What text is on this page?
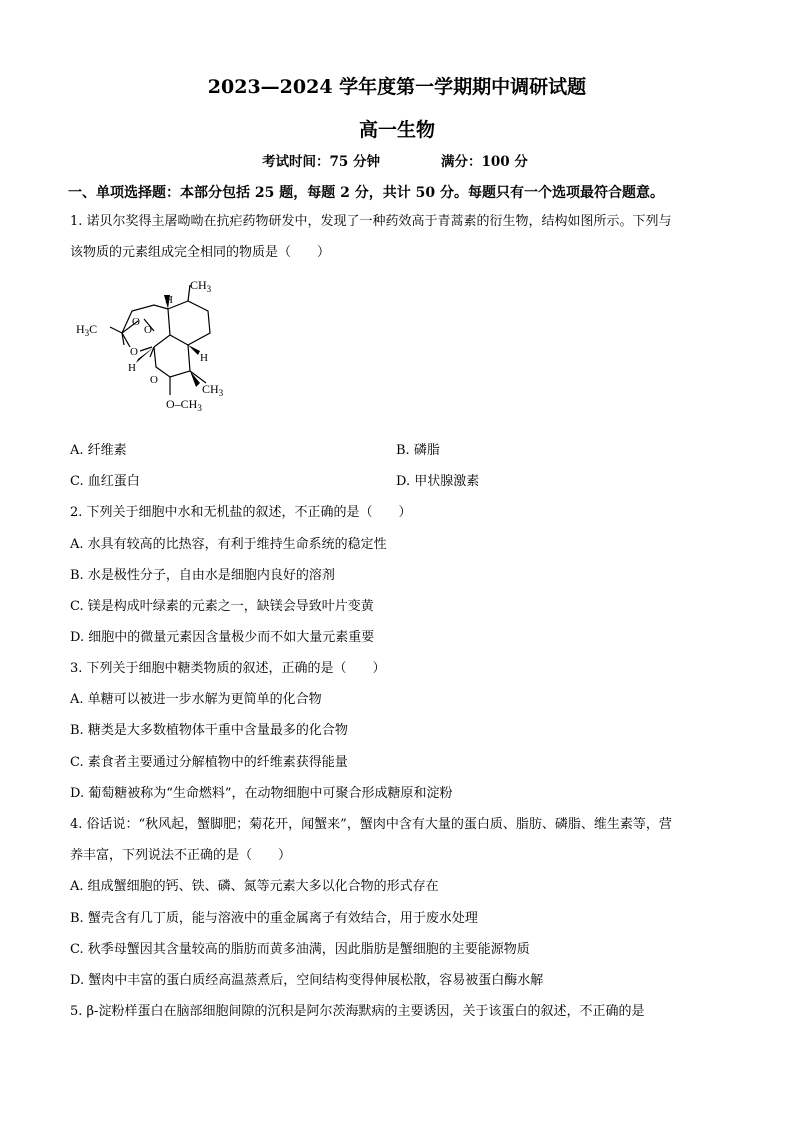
2023—2024 学年度第一学期期中调研试题
高一生物
考试时间：75 分钟	满分：100 分
一、单项选择题：本部分包括 25 题，每题 2 分，共计 50 分。每题只有一个选项最符合题意。
1. 诺贝尔奖得主屠呦呦在抗疟药物研发中，发现了一种药效高于青蒿素的衍生物，结构如图所示。下列与
该物质的元素组成完全相同的物质是（　　）
$CH_3$
$H_3C$	O
O
O
O
H
H
H
$CH_3$
$O-CH_3$
A. 纤维素	B. 磷脂
C. 血红蛋白	D. 甲状腺激素
2. 下列关于细胞中水和无机盐的叙述，不正确的是（　　）
A. 水具有较高的比热容，有利于维持生命系统的稳定性
B. 水是极性分子，自由水是细胞内良好的溶剂
C. 镁是构成叶绿素的元素之一，缺镁会导致叶片变黄
D. 细胞中的微量元素因含量极少而不如大量元素重要
3. 下列关于细胞中糖类物质的叙述，正确的是（　　）
A. 单糖可以被进一步水解为更简单的化合物
B. 糖类是大多数植物体干重中含量最多的化合物
C. 素食者主要通过分解植物中的纤维素获得能量
D. 葡萄糖被称为“生命燃料”，在动物细胞中可聚合形成糖原和淀粉
4. 俗话说：“秋风起，蟹脚肥；菊花开，闻蟹来”，蟹肉中含有大量的蛋白质、脂肪、磷脂、维生素等，营
养丰富，下列说法不正确的是（　　）
A. 组成蟹细胞的钙、铁、磷、氮等元素大多以化合物的形式存在
B. 蟹壳含有几丁质，能与溶液中的重金属离子有效结合，用于废水处理
C. 秋季母蟹因其含量较高的脂肪而黄多油满，因此脂肪是蟹细胞的主要能源物质
D. 蟹肉中丰富的蛋白质经高温蒸煮后，空间结构变得伸展松散，容易被蛋白酶水解
5. β-淀粉样蛋白在脑部细胞间隙的沉积是阿尔茨海默病的主要诱因，关于该蛋白的叙述，不正确的是
